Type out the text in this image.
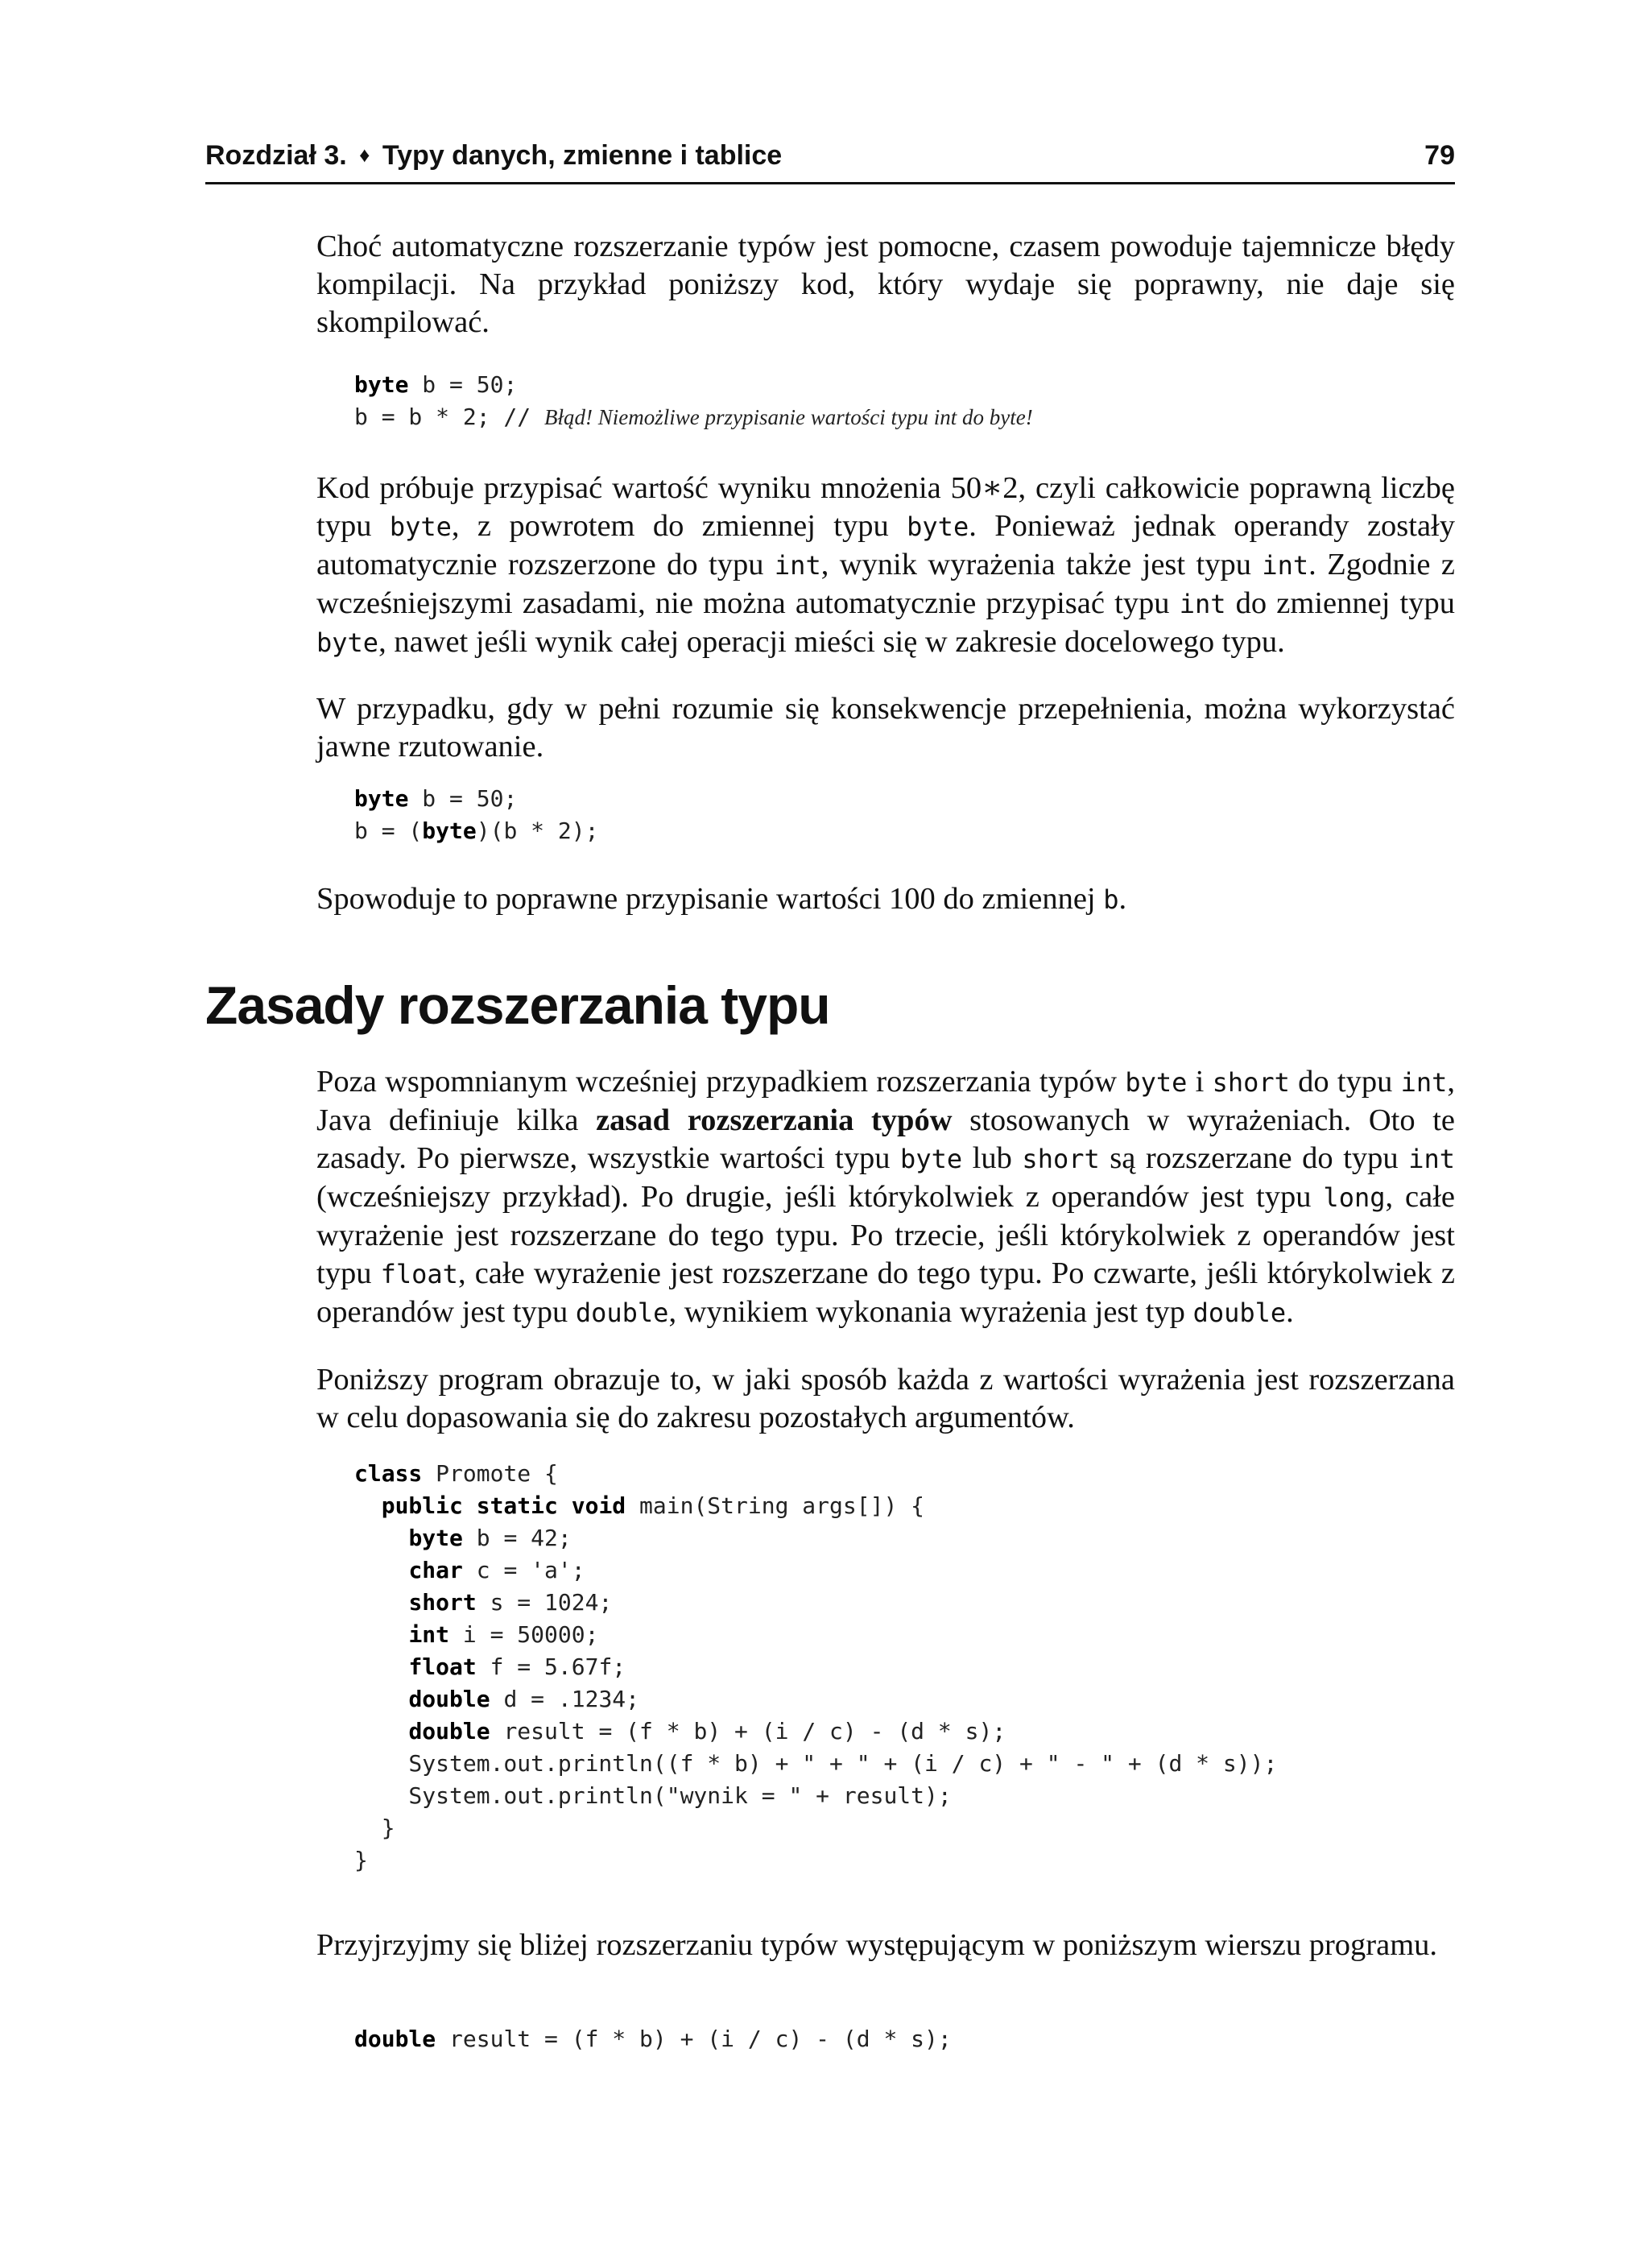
Rozdział 3. ♦ Typy danych, zmienne i tablice	79
Choć automatyczne rozszerzanie typów jest pomocne, czasem powoduje tajemnicze błędy kompilacji. Na przykład poniższy kod, który wydaje się poprawny, nie daje się skompilować.
byte b = 50;
b = b * 2; // Błąd! Niemożliwe przypisanie wartości typu int do byte!
Kod próbuje przypisać wartość wyniku mnożenia 50∗2, czyli całkowicie poprawną liczbę typu byte, z powrotem do zmiennej typu byte. Ponieważ jednak operandy zostały automatycznie rozszerzone do typu int, wynik wyrażenia także jest typu int. Zgodnie z wcześniejszymi zasadami, nie można automatycznie przypisać typu int do zmiennej typu byte, nawet jeśli wynik całej operacji mieści się w zakresie docelowego typu.
W przypadku, gdy w pełni rozumie się konsekwencje przepełnienia, można wykorzystać jawne rzutowanie.
byte b = 50;
b = (byte)(b * 2);
Spowoduje to poprawne przypisanie wartości 100 do zmiennej b.
Zasady rozszerzania typu
Poza wspomnianym wcześniej przypadkiem rozszerzania typów byte i short do typu int, Java definiuje kilka zasad rozszerzania typów stosowanych w wyrażeniach. Oto te zasady. Po pierwsze, wszystkie wartości typu byte lub short są rozszerzane do typu int (wcześniejszy przykład). Po drugie, jeśli którykolwiek z operandów jest typu long, całe wyrażenie jest rozszerzane do tego typu. Po trzecie, jeśli którykolwiek z operandów jest typu float, całe wyrażenie jest rozszerzane do tego typu. Po czwarte, jeśli którykolwiek z operandów jest typu double, wynikiem wykonania wyrażenia jest typ double.
Poniższy program obrazuje to, w jaki sposób każda z wartości wyrażenia jest rozszerzana w celu dopasowania się do zakresu pozostałych argumentów.
class Promote {
public static void main(String args[]) {
byte b = 42;
char c = 'a';
short s = 1024;
int i = 50000;
float f = 5.67f;
double d = .1234;
double result = (f * b) + (i / c) - (d * s);
System.out.println((f * b) + " + " + (i / c) + " - " + (d * s));
System.out.println("wynik = " + result);
}
}
Przyjrzyjmy się bliżej rozszerzaniu typów występującym w poniższym wierszu programu.
double result = (f * b) + (i / c) - (d * s);
